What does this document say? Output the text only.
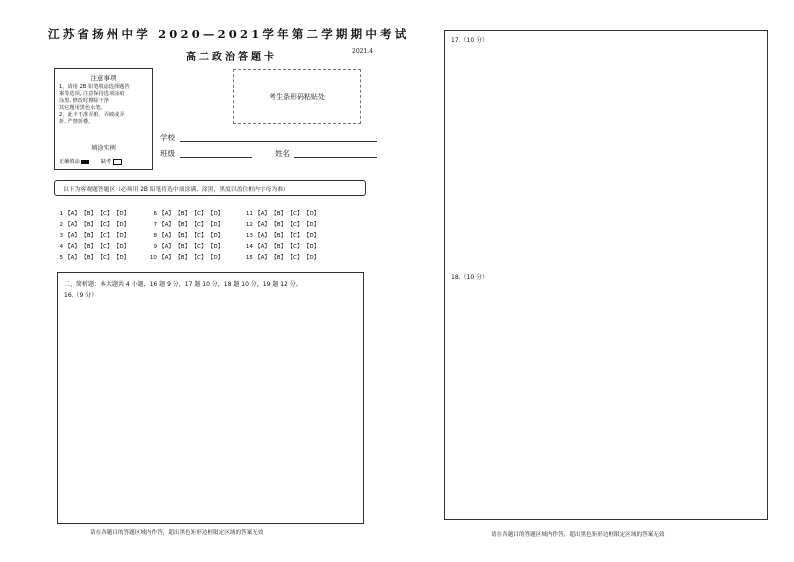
江苏省扬州中学 2020—2021学年第二学期期中考试
高二政治答题卡
2021.4
注意事项

1、请用 2B 铅笔填涂选择题答

案等选项, 注意保持选项涂痕

涂黑, 修改时擦除干净

其它题用黑色水笔。

2、此卡不准弄脏、弄破或弄

折, 严禁折叠。

填涂实例
正确填涂	缺考
考生条形码粘贴处
学校
班级	姓名
以下为客观题答题区（必须用 2B 铅笔将选中项涂满、涂黑，黑度以盖住框内字母为准）
1 【A】 【B】 【C】 【D】
2 【A】 【B】 【C】 【D】
3 【A】 【B】 【C】 【D】
4 【A】 【B】 【C】 【D】
5 【A】 【B】 【C】 【D】
6 【A】 【B】 【C】 【D】
7 【A】 【B】 【C】 【D】
8 【A】 【B】 【C】 【D】
9 【A】 【B】 【C】 【D】
10 【A】 【B】 【C】 【D】
11 【A】 【B】 【C】 【D】
12 【A】 【B】 【C】 【D】
13 【A】 【B】 【C】 【D】
14 【A】 【B】 【C】 【D】
15 【A】 【B】 【C】 【D】
二、简析题：本大题共 4 小题，16 题 9 分，17 题 10 分，18 题 10 分，19 题 12 分。
16.（9 分）
请在各题目的答题区域内作答，超出黑色矩形边框限定区域的答案无效
17.（10 分）
18.（10 分）
请在各题目的答题区域内作答，超出黑色矩形边框限定区域的答案无效
